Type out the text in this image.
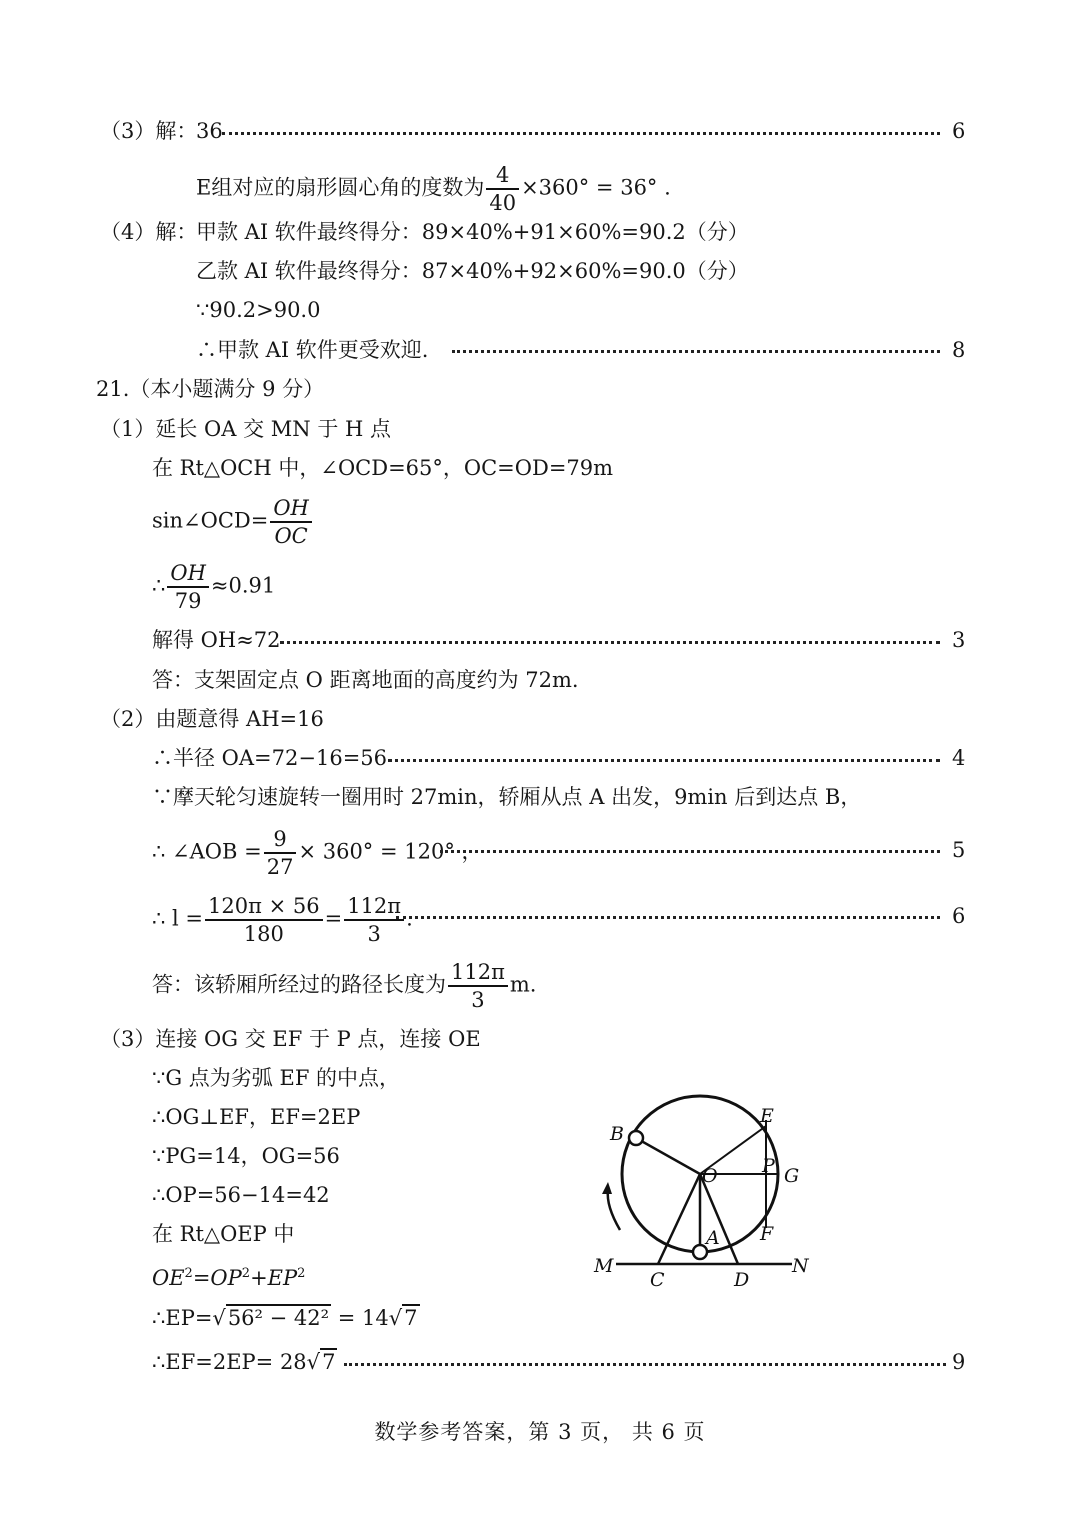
（3）解：
36	6
E组对应的扇形圆心角的度数为 $\frac{4}{40} \times 360^\circ = 36^\circ$ .
（4）解：
甲款 AI 软件最终得分：89×40%+91×60%=90.2（分）
乙款 AI 软件最终得分：87×40%+92×60%=90.0（分）
∵90.2>90.0
∴甲款 AI 软件更受欢迎.	8
21.（本小题满分 9 分）
（1）延长 OA 交 MN 于 H 点
在 Rt△OCH 中，∠OCD=65°，OC=OD=79m
sin∠OCD= $\frac{OH}{OC}$
∴ $\frac{OH}{79} \approx 0.91$
解得 OH≈72	3
答：支架固定点 O 距离地面的高度约为 72m.
（2）由题意得 AH=16
∴半径 OA=72−16=56	4
∵摩天轮匀速旋转一圈用时 27min，轿厢从点 A 出发，9min 后到达点 B，
∴ ∠AOB = $\frac{9}{27} \times 360^\circ = 120^\circ$ ，	5
∴ $l = \frac{120\pi \times 56}{180} = \frac{112\pi}{3}$ .	6
答：该轿厢所经过的路径长度为 $\frac{112\pi}{3} m$.
（3）连接 OG 交 EF 于 P 点，连接 OE
∵G 点为劣弧 EF 的中点，
∴OG⊥EF，EF=2EP
∵PG=14，OG=56
∴OP=56−14=42
在 Rt△OEP 中
$OE^2=OP^2+EP^2$
∴EP=√56² − 42² = 14√7
∴EF=2EP= 28√7	9
B
E
O P G
A F
M
C	D
N
数学参考答案，第 3 页， 共 6 页
